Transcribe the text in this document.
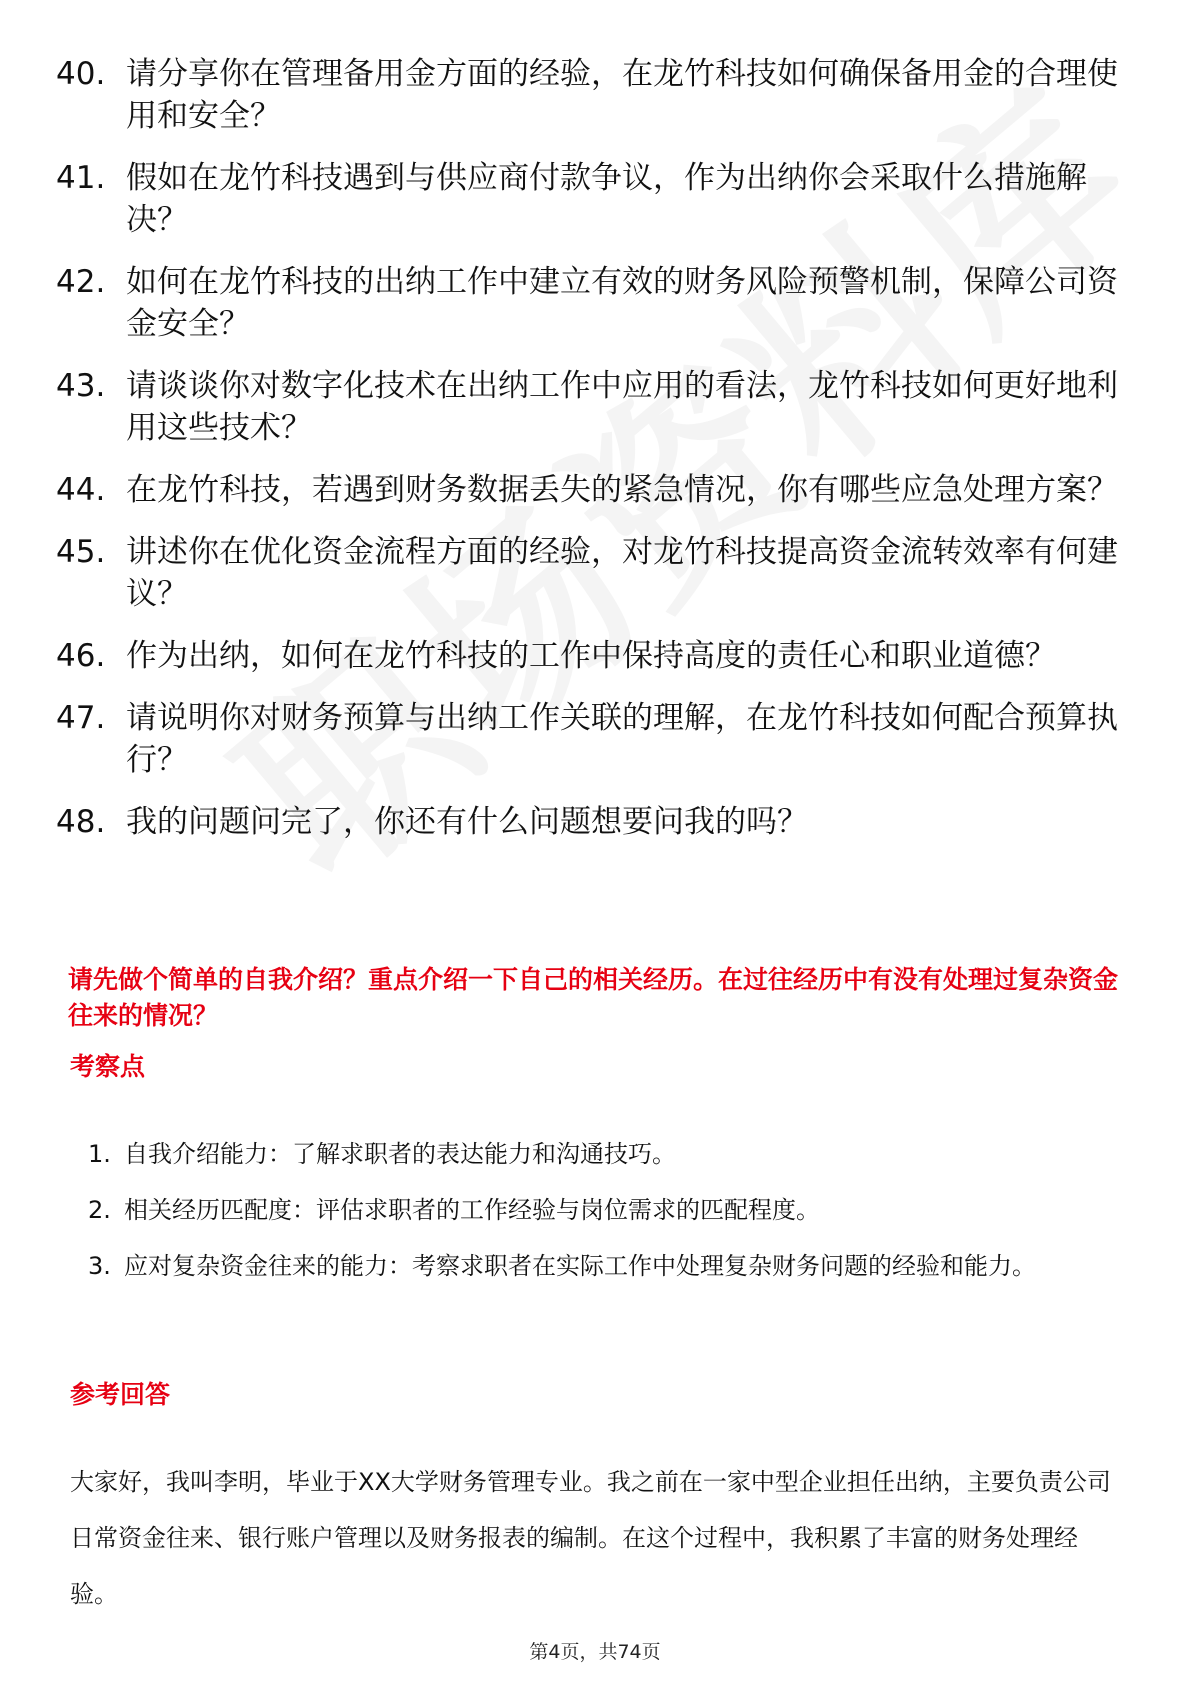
40. 请分享你在管理备用金方面的经验，在龙竹科技如何确保备用金的合理使用和安全？
41. 假如在龙竹科技遇到与供应商付款争议，作为出纳你会采取什么措施解决？
42. 如何在龙竹科技的出纳工作中建立有效的财务风险预警机制，保障公司资金安全？
43. 请谈谈你对数字化技术在出纳工作中应用的看法，龙竹科技如何更好地利用这些技术？
44. 在龙竹科技，若遇到财务数据丢失的紧急情况，你有哪些应急处理方案？
45. 讲述你在优化资金流程方面的经验，对龙竹科技提高资金流转效率有何建议？
46. 作为出纳，如何在龙竹科技的工作中保持高度的责任心和职业道德？
47. 请说明你对财务预算与出纳工作关联的理解，在龙竹科技如何配合预算执行？
48. 我的问题问完了，你还有什么问题想要问我的吗？

请先做个简单的自我介绍？重点介绍一下自己的相关经历。在过往经历中有没有处理过复杂资金往来的情况？

考察点
1. 自我介绍能力：了解求职者的表达能力和沟通技巧。
2. 相关经历匹配度：评估求职者的工作经验与岗位需求的匹配程度。
3. 应对复杂资金往来的能力：考察求职者在实际工作中处理复杂财务问题的经验和能力。
参考回答

大家好，我叫李明，毕业于XX大学财务管理专业。我之前在一家中型企业担任出纳，主要负责公司日常资金往来、银行账户管理以及财务报表的编制。在这个过程中，我积累了丰富的财务处理经验。

第4页，共74页
